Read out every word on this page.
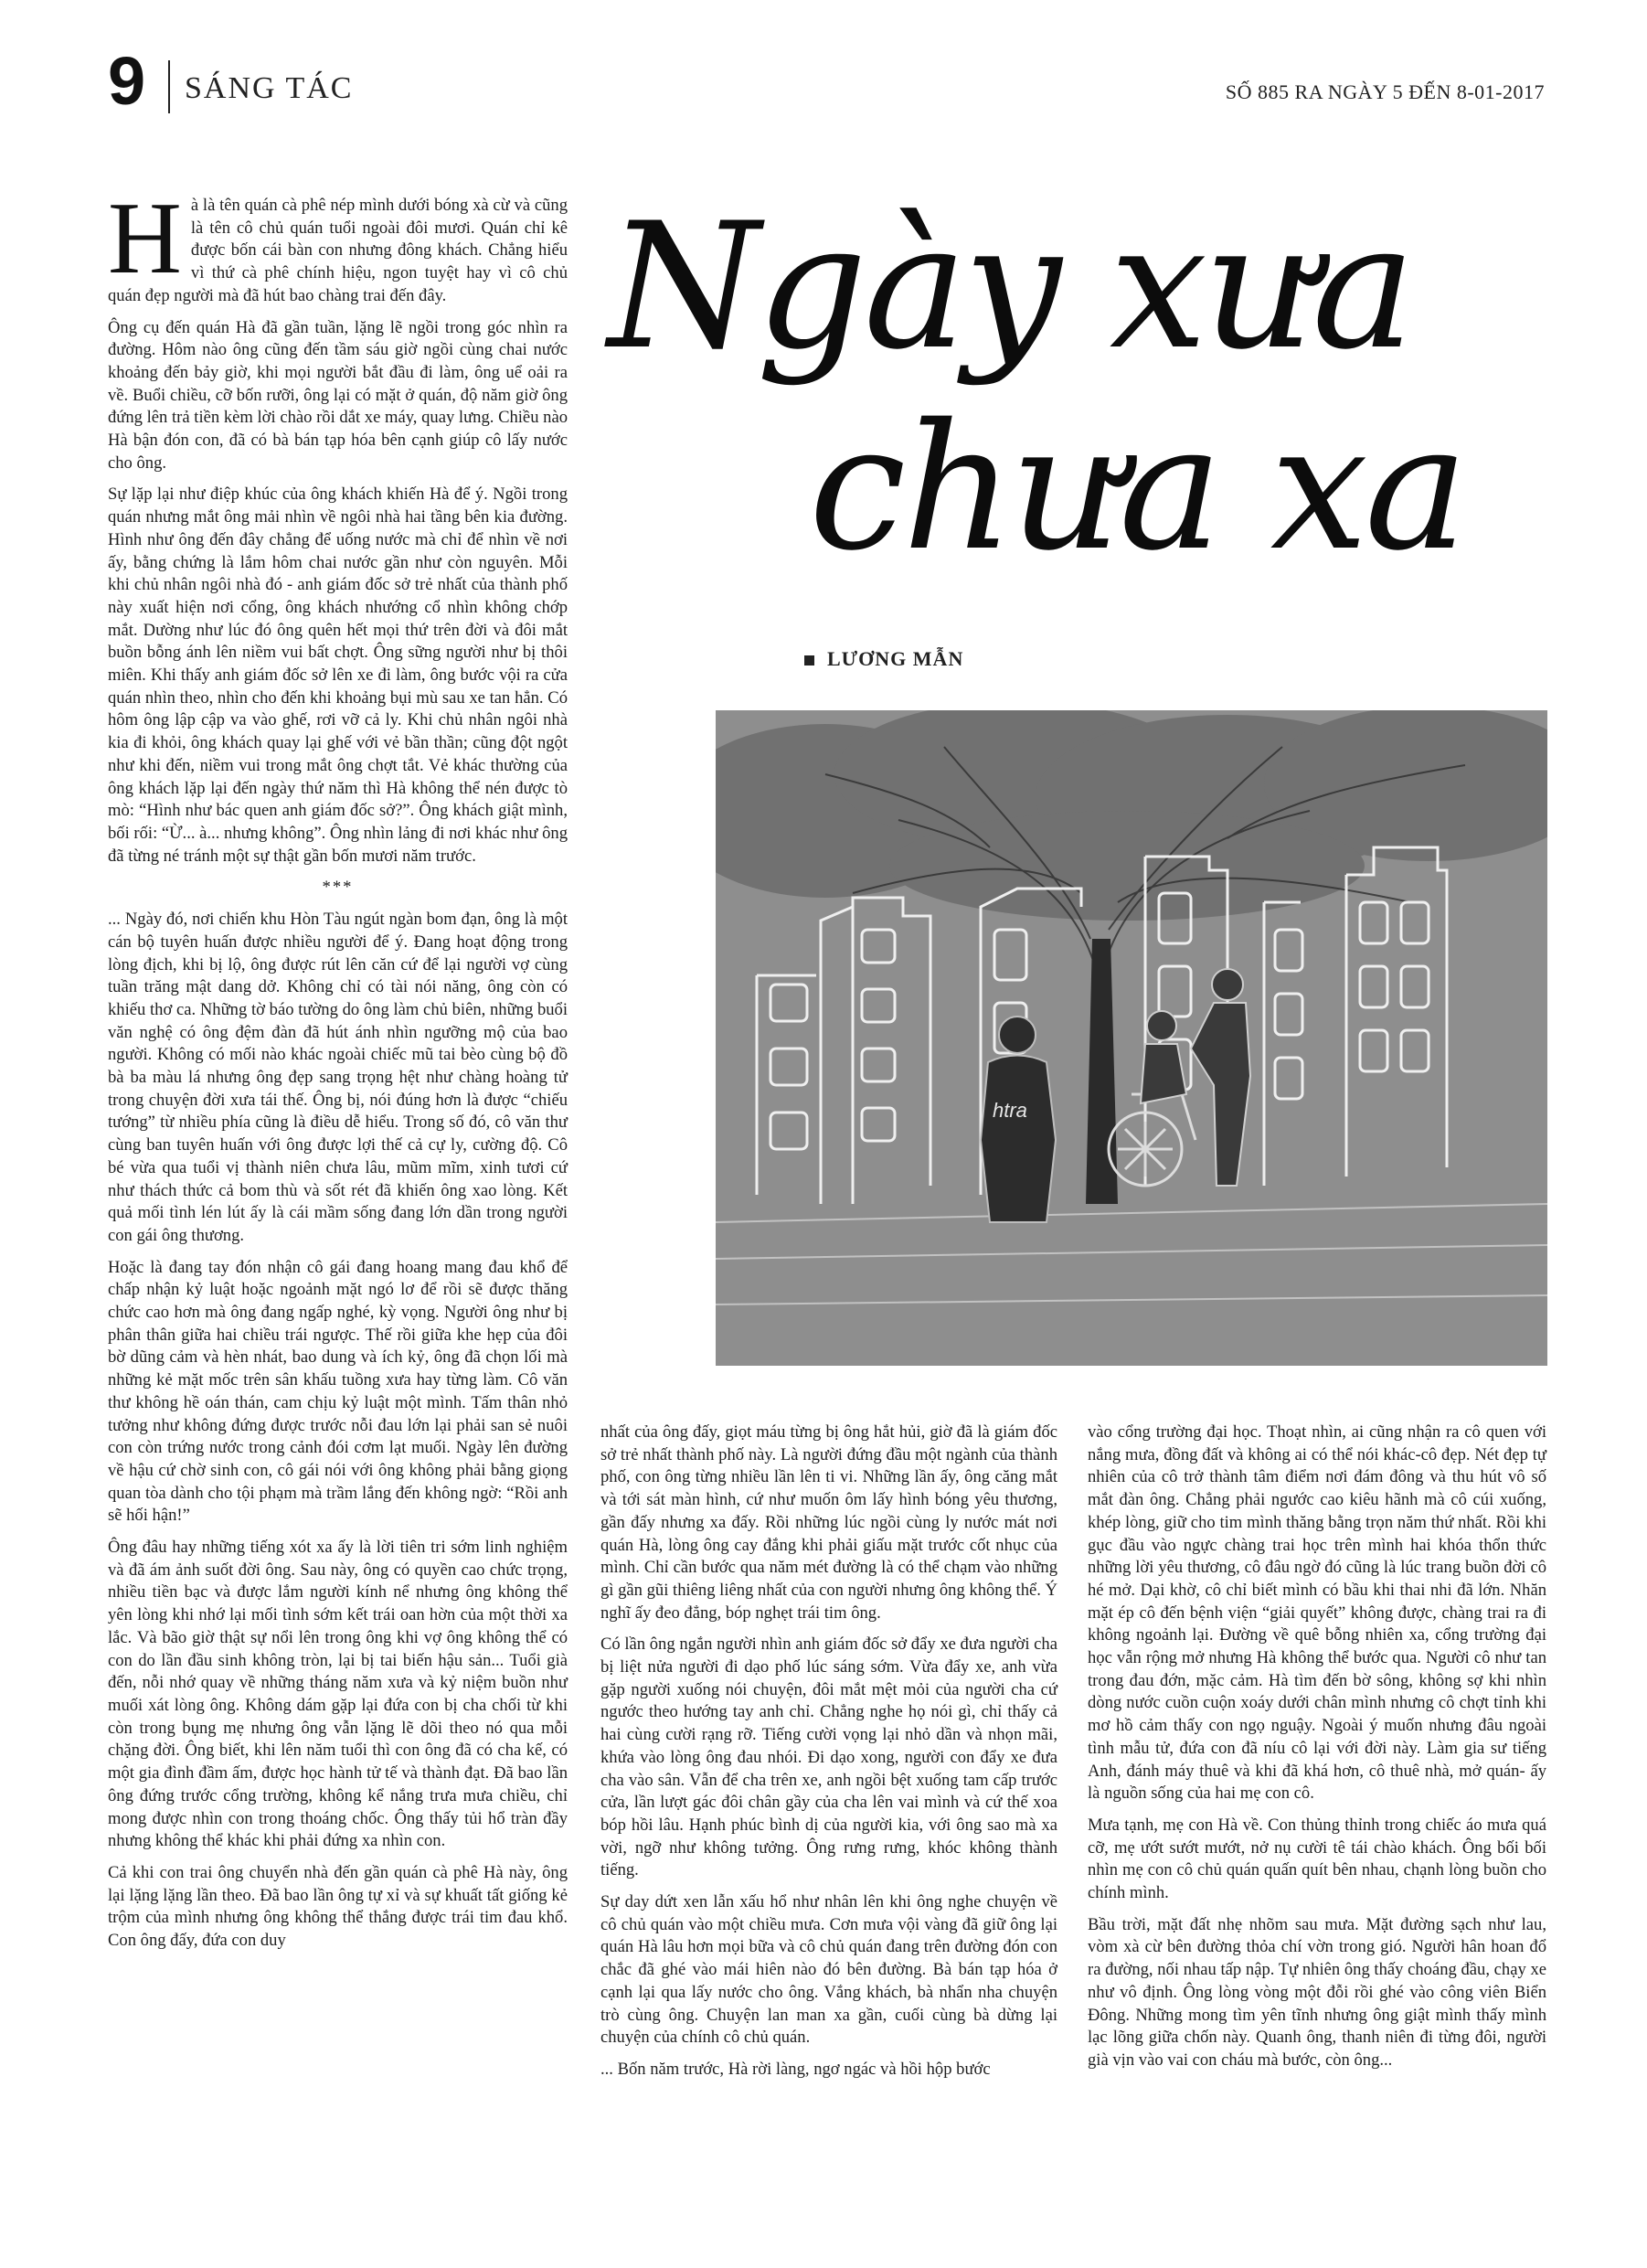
9 SÁNG TÁC	SỐ 885 RA NGÀY 5 ĐẾN 8-01-2017

Hà là tên quán cà phê nép mình dưới bóng xà cừ và cũng là tên cô chủ quán tuổi ngoài đôi mươi. Quán chỉ kê được bốn cái bàn con nhưng đông khách. Chẳng hiểu vì thứ cà phê chính hiệu, ngon tuyệt hay vì cô chủ quán đẹp người mà đã hút bao chàng trai đến đây.

Ông cụ đến quán Hà đã gần tuần, lặng lẽ ngồi trong góc nhìn ra đường. Hôm nào ông cũng đến tầm sáu giờ ngồi cùng chai nước khoảng đến bảy giờ, khi mọi người bắt đầu đi làm, ông uể oải ra về. Buổi chiều, cỡ bốn rưỡi, ông lại có mặt ở quán, độ năm giờ ông đứng lên trả tiền kèm lời chào rồi dắt xe máy, quay lưng. Chiều nào Hà bận đón con, đã có bà bán tạp hóa bên cạnh giúp cô lấy nước cho ông.

Sự lặp lại như điệp khúc của ông khách khiến Hà để ý. Ngồi trong quán nhưng mắt ông mải nhìn về ngôi nhà hai tầng bên kia đường. Hình như ông đến đây chẳng để uống nước mà chỉ để nhìn về nơi ấy, bằng chứng là lắm hôm chai nước gần như còn nguyên. Mỗi khi chủ nhân ngôi nhà đó - anh giám đốc sở trẻ nhất của thành phố này xuất hiện nơi cổng, ông khách nhướng cổ nhìn không chớp mắt. Dường như lúc đó ông quên hết mọi thứ trên đời và đôi mắt buồn bỗng ánh lên niềm vui bất chợt. Ông sững người như bị thôi miên. Khi thấy anh giám đốc sở lên xe đi làm, ông bước vội ra cửa quán nhìn theo, nhìn cho đến khi khoảng bụi mù sau xe tan hẳn. Có hôm ông lập cập va vào ghế, rơi vỡ cả ly. Khi chủ nhân ngôi nhà kia đi khỏi, ông khách quay lại ghế với vẻ bần thần; cũng đột ngột như khi đến, niềm vui trong mắt ông chợt tắt. Vẻ khác thường của ông khách lặp lại đến ngày thứ năm thì Hà không thể nén được tò mò: “Hình như bác quen anh giám đốc sở?”. Ông khách giật mình, bối rối: “Ừ... à... nhưng không”. Ông nhìn lảng đi nơi khác như ông đã từng né tránh một sự thật gần bốn mươi năm trước.

***

... Ngày đó, nơi chiến khu Hòn Tàu ngút ngàn bom đạn, ông là một cán bộ tuyên huấn được nhiều người để ý. Đang hoạt động trong lòng địch, khi bị lộ, ông được rút lên căn cứ để lại người vợ cùng tuần trăng mật dang dở. Không chỉ có tài nói năng, ông còn có khiếu thơ ca. Những tờ báo tường do ông làm chủ biên, những buổi văn nghệ có ông đệm đàn đã hút ánh nhìn ngưỡng mộ của bao người. Không có mối nào khác ngoài chiếc mũ tai bèo cùng bộ đồ bà ba màu lá nhưng ông đẹp sang trọng hệt như chàng hoàng tử trong chuyện đời xưa tái thế. Ông bị, nói đúng hơn là được “chiếu tướng” từ nhiều phía cũng là điều dễ hiểu. Trong số đó, cô văn thư cùng ban tuyên huấn với ông được lợi thế cả cự ly, cường độ. Cô bé vừa qua tuổi vị thành niên chưa lâu, mũm mĩm, xinh tươi cứ như thách thức cả bom thù và sốt rét đã khiến ông xao lòng. Kết quả mối tình lén lút ấy là cái mầm sống đang lớn dần trong người con gái ông thương.

Hoặc là đang tay đón nhận cô gái đang hoang mang đau khổ để chấp nhận kỷ luật hoặc ngoảnh mặt ngó lơ để rồi sẽ được thăng chức cao hơn mà ông đang ngấp nghé, kỳ vọng. Người ông như bị phân thân giữa hai chiều trái ngược. Thế rồi giữa khe hẹp của đôi bờ dũng cảm và hèn nhát, bao dung và ích kỷ, ông đã chọn lối mà những kẻ mặt mốc trên sân khấu tuồng xưa hay từng làm. Cô văn thư không hề oán thán, cam chịu kỷ luật một mình. Tấm thân nhỏ tưởng như không đứng được trước nỗi đau lớn lại phải san sẻ nuôi con còn trứng nước trong cảnh đói cơm lạt muối. Ngày lên đường về hậu cứ chờ sinh con, cô gái nói với ông không phải bằng giọng quan tòa dành cho tội phạm mà trầm lắng đến không ngờ: “Rồi anh sẽ hối hận!”

Ông đâu hay những tiếng xót xa ấy là lời tiên tri sớm linh nghiệm và đã ám ảnh suốt đời ông. Sau này, ông có quyền cao chức trọng, nhiều tiền bạc và được lắm người kính nể nhưng ông không thể yên lòng khi nhớ lại mối tình sớm kết trái oan hờn của một thời xa lắc. Và bão giờ thật sự nổi lên trong ông khi vợ ông không thể có con do lần đầu sinh không tròn, lại bị tai biến hậu sản... Tuổi già đến, nỗi nhớ quay về những tháng năm xưa và kỷ niệm buồn như muối xát lòng ông. Không dám gặp lại đứa con bị cha chối từ khi còn trong bụng mẹ nhưng ông vẫn lặng lẽ dõi theo nó qua mỗi chặng đời. Ông biết, khi lên năm tuổi thì con ông đã có cha kế, có một gia đình đầm ấm, được học hành tử tế và thành đạt. Đã bao lần ông đứng trước cổng trường, không kể nắng trưa mưa chiều, chỉ mong được nhìn con trong thoáng chốc. Ông thấy tủi hổ tràn đầy nhưng không thể khác khi phải đứng xa nhìn con.

Cả khi con trai ông chuyển nhà đến gần quán cà phê Hà này, ông lại lặng lặng lần theo. Đã bao lần ông tự xỉ và sự khuất tất giống kẻ trộm của mình nhưng ông không thể thắng được trái tim đau khổ. Con ông đấy, đứa con duy

Ngày xưa
chưa xa
LƯƠNG MẪN
htra

nhất của ông đấy, giọt máu từng bị ông hắt hủi, giờ đã là giám đốc sở trẻ nhất thành phố này. Là người đứng đầu một ngành của thành phố, con ông từng nhiều lần lên ti vi. Những lần ấy, ông căng mắt và tới sát màn hình, cứ như muốn ôm lấy hình bóng yêu thương, gần đấy nhưng xa đấy. Rồi những lúc ngồi cùng ly nước mát nơi quán Hà, lòng ông cay đắng khi phải giấu mặt trước cốt nhục của mình. Chỉ cần bước qua năm mét đường là có thể chạm vào những gì gần gũi thiêng liêng nhất của con người nhưng ông không thể. Ý nghĩ ấy đeo đẳng, bóp nghẹt trái tim ông.

Có lần ông ngắn người nhìn anh giám đốc sở đẩy xe đưa người cha bị liệt nửa người đi dạo phố lúc sáng sớm. Vừa đẩy xe, anh vừa gặp người xuống nói chuyện, đôi mắt mệt mỏi của người cha cứ ngước theo hướng tay anh chỉ. Chẳng nghe họ nói gì, chỉ thấy cả hai cùng cười rạng rỡ. Tiếng cười vọng lại nhỏ dần và nhọn mãi, khứa vào lòng ông đau nhói. Đi dạo xong, người con đẩy xe đưa cha vào sân. Vẫn để cha trên xe, anh ngồi bệt xuống tam cấp trước cửa, lần lượt gác đôi chân gầy của cha lên vai mình và cứ thế xoa bóp hồi lâu. Hạnh phúc bình dị của người kia, với ông sao mà xa vời, ngỡ như không tưởng. Ông rưng rưng, khóc không thành tiếng.

Sự day dứt xen lẫn xấu hổ như nhân lên khi ông nghe chuyện về cô chủ quán vào một chiều mưa. Cơn mưa vội vàng đã giữ ông lại quán Hà lâu hơn mọi bữa và cô chủ quán đang trên đường đón con chắc đã ghé vào mái hiên nào đó bên đường. Bà bán tạp hóa ở cạnh lại qua lấy nước cho ông. Vắng khách, bà nhẩn nha chuyện trò cùng ông. Chuyện lan man xa gần, cuối cùng bà dừng lại chuyện của chính cô chủ quán.

... Bốn năm trước, Hà rời làng, ngơ ngác và hồi hộp bước

vào cổng trường đại học. Thoạt nhìn, ai cũng nhận ra cô quen với nắng mưa, đồng đất và không ai có thể nói khác-cô đẹp. Nét đẹp tự nhiên của cô trở thành tâm điểm nơi đám đông và thu hút vô số mắt đàn ông. Chẳng phải ngước cao kiêu hãnh mà cô cúi xuống, khép lòng, giữ cho tim mình thăng bằng trọn năm thứ nhất. Rồi khi gục đầu vào ngực chàng trai học trên mình hai khóa thổn thức những lời yêu thương, cô đâu ngờ đó cũng là lúc trang buồn đời cô hé mở. Dại khờ, cô chỉ biết mình có bầu khi thai nhi đã lớn. Nhăn mặt ép cô đến bệnh viện “giải quyết” không được, chàng trai ra đi không ngoảnh lại. Đường về quê bỗng nhiên xa, cổng trường đại học vẫn rộng mở nhưng Hà không thể bước qua. Người cô như tan trong đau đớn, mặc cảm. Hà tìm đến bờ sông, không sợ khi nhìn dòng nước cuồn cuộn xoáy dưới chân mình nhưng cô chợt tỉnh khi mơ hồ cảm thấy con ngọ nguậy. Ngoài ý muốn nhưng đâu ngoài tình mẫu tử, đứa con đã níu cô lại với đời này. Làm gia sư tiếng Anh, đánh máy thuê và khi đã khá hơn, cô thuê nhà, mở quán- ấy là nguồn sống của hai mẹ con cô.

Mưa tạnh, mẹ con Hà về. Con thủng thỉnh trong chiếc áo mưa quá cỡ, mẹ ướt sướt mướt, nở nụ cười tê tái chào khách. Ông bối bối nhìn mẹ con cô chủ quán quấn quít bên nhau, chạnh lòng buồn cho chính mình.

Bầu trời, mặt đất nhẹ nhõm sau mưa. Mặt đường sạch như lau, vòm xà cừ bên đường thỏa chí vờn trong gió. Người hân hoan đổ ra đường, nối nhau tấp nập. Tự nhiên ông thấy choáng đầu, chạy xe như vô định. Ông lòng vòng một đỗi rồi ghé vào công viên Biển Đông. Những mong tìm yên tĩnh nhưng ông giật mình thấy mình lạc lõng giữa chốn này. Quanh ông, thanh niên đi từng đôi, người già vịn vào vai con cháu mà bước, còn ông...
